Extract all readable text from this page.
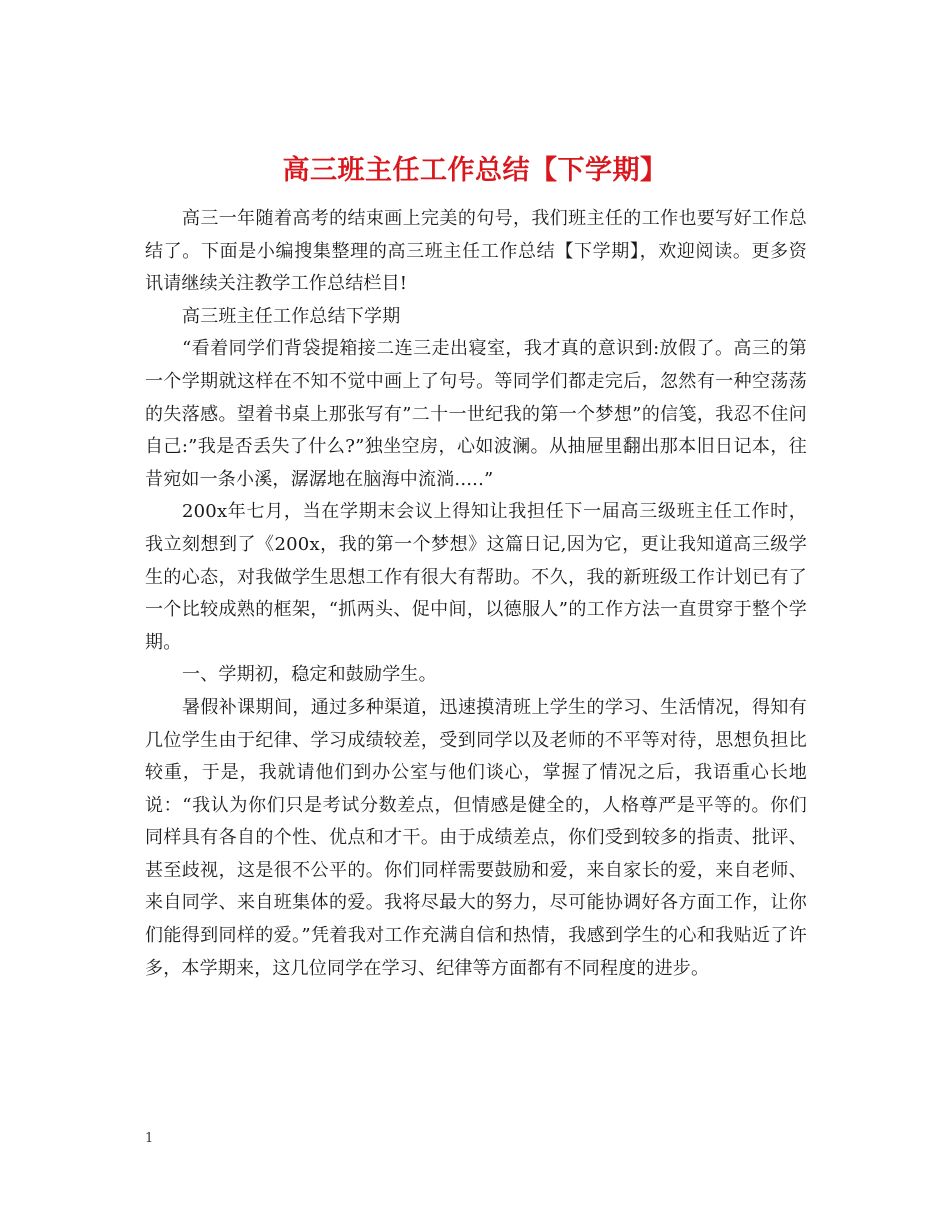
高三班主任工作总结【下学期】

高三一年随着高考的结束画上完美的句号，我们班主任的工作也要写好工作总结了。下面是小编搜集整理的高三班主任工作总结【下学期】，欢迎阅读。更多资讯请继续关注教学工作总结栏目!

高三班主任工作总结下学期

“看着同学们背袋提箱接二连三走出寝室，我才真的意识到:放假了。高三的第一个学期就这样在不知不觉中画上了句号。等同学们都走完后，忽然有一种空荡荡的失落感。望着书桌上那张写有”二十一世纪我的第一个梦想”的信笺，我忍不住问自己:”我是否丢失了什么?”独坐空房，心如波澜。从抽屉里翻出那本旧日记本，往昔宛如一条小溪，潺潺地在脑海中流淌.....”

200x年七月，当在学期末会议上得知让我担任下一届高三级班主任工作时，我立刻想到了《200x，我的第一个梦想》这篇日记,因为它，更让我知道高三级学生的心态，对我做学生思想工作有很大有帮助。不久，我的新班级工作计划已有了一个比较成熟的框架，“抓两头、促中间，以德服人”的工作方法一直贯穿于整个学期。

一、学期初，稳定和鼓励学生。

暑假补课期间，通过多种渠道，迅速摸清班上学生的学习、生活情况，得知有几位学生由于纪律、学习成绩较差，受到同学以及老师的不平等对待，思想负担比较重，于是，我就请他们到办公室与他们谈心，掌握了情况之后，我语重心长地说：“我认为你们只是考试分数差点，但情感是健全的，人格尊严是平等的。你们同样具有各自的个性、优点和才干。由于成绩差点，你们受到较多的指责、批评、甚至歧视，这是很不公平的。你们同样需要鼓励和爱，来自家长的爱，来自老师、来自同学、来自班集体的爱。我将尽最大的努力，尽可能协调好各方面工作，让你们能得到同样的爱。”凭着我对工作充满自信和热情，我感到学生的心和我贴近了许多，本学期来，这几位同学在学习、纪律等方面都有不同程度的进步。

1
